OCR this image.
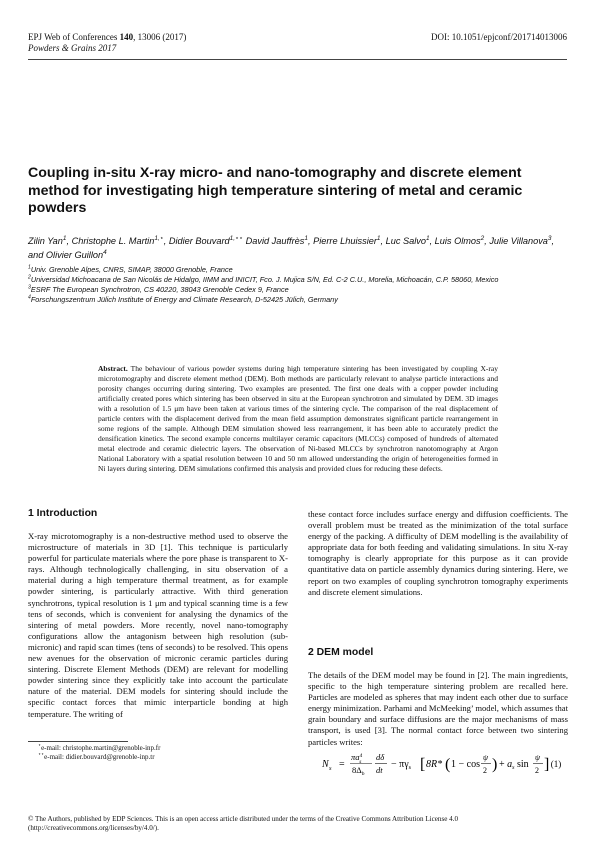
EPJ Web of Conferences 140, 13006 (2017)
Powders & Grains 2017
DOI: 10.1051/epjconf/201714013006
Coupling in-situ X-ray micro- and nano-tomography and discrete element method for investigating high temperature sintering of metal and ceramic powders
Zilin Yan$^1$, Christophe L. Martin$^{1,⋆}$, Didier Bouvard$^{1,⋆⋆}$ David Jauffrès$^1$, Pierre Lhuissier$^1$, Luc Salvo$^1$, Luis Olmos$^2$, Julie Villanova$^3$, and Olivier Guillon$^4$
$^1$Univ. Grenoble Alpes, CNRS, SIMAP, 38000 Grenoble, France
$^2$Universidad Michoacana de San Nicolás de Hidalgo, IIMM and INICIT, Fco. J. Mujica S/N, Ed. C-2 C.U., Morelia, Michoacán, C.P. 58060, Mexico
$^3$ESRF The European Synchrotron, CS 40220, 38043 Grenoble Cedex 9, France
$^4$Forschungszentrum Jülich Institute of Energy and Climate Research, D-52425 Jülich, Germany
Abstract. The behaviour of various powder systems during high temperature sintering has been investigated by coupling X-ray microtomography and discrete element method (DEM). Both methods are particularly relevant to analyse particle interactions and porosity changes occurring during sintering. Two examples are presented. The first one deals with a copper powder including artificially created pores which sintering has been observed in situ at the European synchrotron and simulated by DEM. 3D images with a resolution of 1.5 μm have been taken at various times of the sintering cycle. The comparison of the real displacement of particle centers with the displacement derived from the mean field assumption demonstrates significant particle rearrangement in some regions of the sample. Although DEM simulation showed less rearrangement, it has been able to accurately predict the densification kinetics. The second example concerns multilayer ceramic capacitors (MLCCs) composed of hundreds of alternated metal electrode and ceramic dielectric layers. The observation of Ni-based MLCCs by synchrotron nanotomography at Argon National Laboratory with a spatial resolution between 10 and 50 nm allowed understanding the origin of heterogeneities formed in Ni layers during sintering. DEM simulations confirmed this analysis and provided clues for reducing these defects.
1 Introduction
X-ray microtomography is a non-destructive method used to observe the microstructure of materials in 3D [1]. This technique is particularly powerful for particulate materials where the pore phase is transparent to X-rays. Although technologically challenging, in situ observation of a material during a high temperature thermal treatment, as for example powder sintering, is particularly attractive. With third generation synchrotrons, typical resolution is 1 μm and typical scanning time is a few tens of seconds, which is convenient for analysing the dynamics of the sintering of metal powders. More recently, novel nano-tomography configurations allow the antagonism between high resolution (sub-micronic) and rapid scan times (tens of seconds) to be resolved. This opens new avenues for the observation of micronic ceramic particles during sintering. Discrete Element Methods (DEM) are relevant for modelling powder sintering since they explicitly take into account the particulate nature of the material. DEM models for sintering should include the specific contact forces that mimic interparticle bonding at high temperature. The writing of
these contact force includes surface energy and diffusion coefficients. The overall problem must be treated as the minimization of the total surface energy of the packing. A difficulty of DEM modelling is the availability of appropriate data for both feeding and validating simulations. In situ X-ray tomography is clearly appropriate for this purpose as it can provide quantitative data on particle assembly dynamics during sintering. Here, we report on two examples of coupling synchrotron tomography experiments and discrete element simulations.
2 DEM model
The details of the DEM model may be found in [2]. The main ingredients, specific to the high temperature sintering problem are recalled here. Particles are modeled as spheres that may indent each other due to surface energy minimization. Parhami and McMeeking’ model, which assumes that grain boundary and surface diffusions are the major mechanisms of mass transport, is used [3]. The normal contact force between two sintering particles writes:
N s =
$\pi a^4$ s
$8\Delta_b$
dδ
dt − $\pi\gamma_s$ [ 8R* ( 1 − cos
ψ
2 ) + $a_s$ sin
ψ
2 ] (1)
⋆e-mail: christophe.martin@grenoble-inp.fr
⋆⋆e-mail: didier.bouvard@grenoble-inp.tr
© The Authors, published by EDP Sciences. This is an open access article distributed under the terms of the Creative Commons Attribution License 4.0 (http://creativecommons.org/licenses/by/4.0/).
